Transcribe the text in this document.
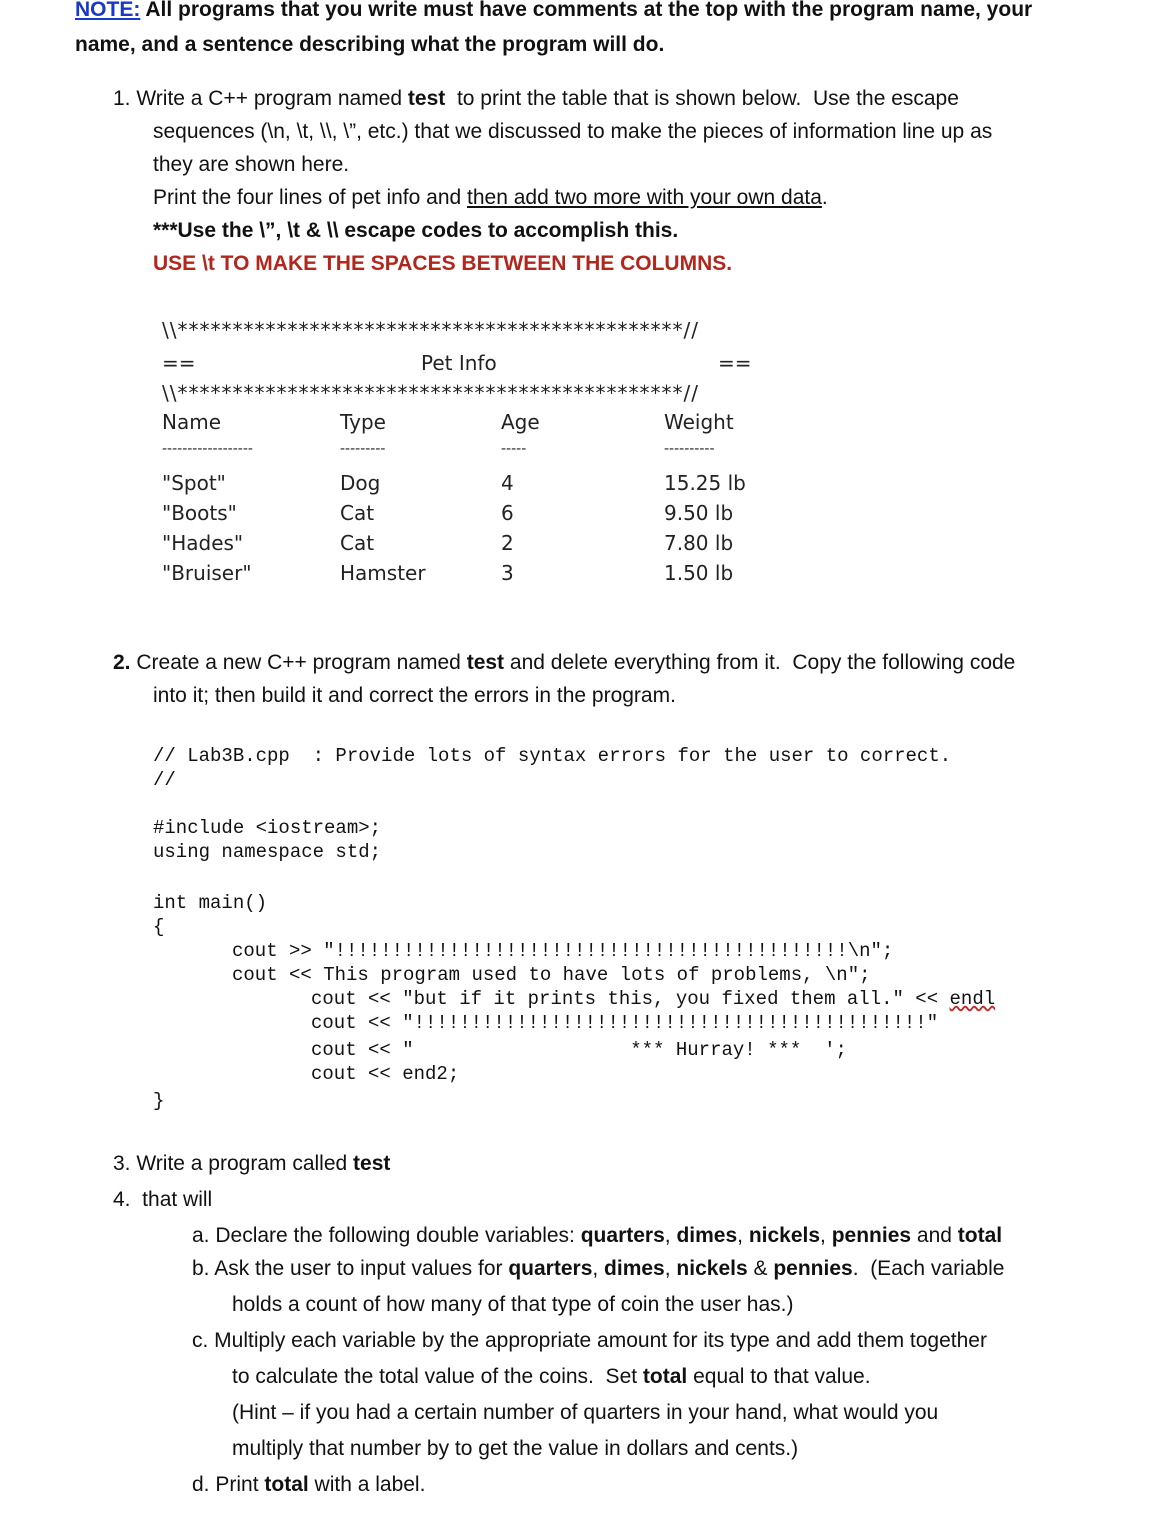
NOTE: All programs that you write must have comments at the top with the program name, your
name, and a sentence describing what the program will do.
1. Write a C++ program named test  to print the table that is shown below.  Use the escape
sequences (\n, \t, \\, \”, etc.) that we discussed to make the pieces of information line up as
they are shown here.
Print the four lines of pet info and then add two more with your own data.
***Use the \”, \t & \\ escape codes to accomplish this.
USE \t TO MAKE THE SPACES BETWEEN THE COLUMNS.
\\**********************************************//
==	Pet Info	==
\\**********************************************//
Name	Type	Age	Weight
------------------	---------	-----	----------
"Spot"	Dog	4	15.25 lb
"Boots"	Cat	6	9.50 lb
"Hades"	Cat	2	7.80 lb
"Bruiser"	Hamster	3	1.50 lb
2. Create a new C++ program named test and delete everything from it.  Copy the following code
into it; then build it and correct the errors in the program.
// Lab3B.cpp  : Provide lots of syntax errors for the user to correct.
//
#include <iostream>;
using namespace std;
int main()
{
cout >> "!!!!!!!!!!!!!!!!!!!!!!!!!!!!!!!!!!!!!!!!!!!!!\n";
cout << This program used to have lots of problems, \n";
cout << "but if it prints this, you fixed them all." << endl
cout << "!!!!!!!!!!!!!!!!!!!!!!!!!!!!!!!!!!!!!!!!!!!!!"
cout << "                   *** Hurray! ***  ';
cout << end2;
}
3. Write a program called test
4.  that will
a. Declare the following double variables: quarters, dimes, nickels, pennies and total
b. Ask the user to input values for quarters, dimes, nickels & pennies.  (Each variable
holds a count of how many of that type of coin the user has.)
c. Multiply each variable by the appropriate amount for its type and add them together
to calculate the total value of the coins.  Set total equal to that value.
(Hint – if you had a certain number of quarters in your hand, what would you
multiply that number by to get the value in dollars and cents.)
d. Print total with a label.
